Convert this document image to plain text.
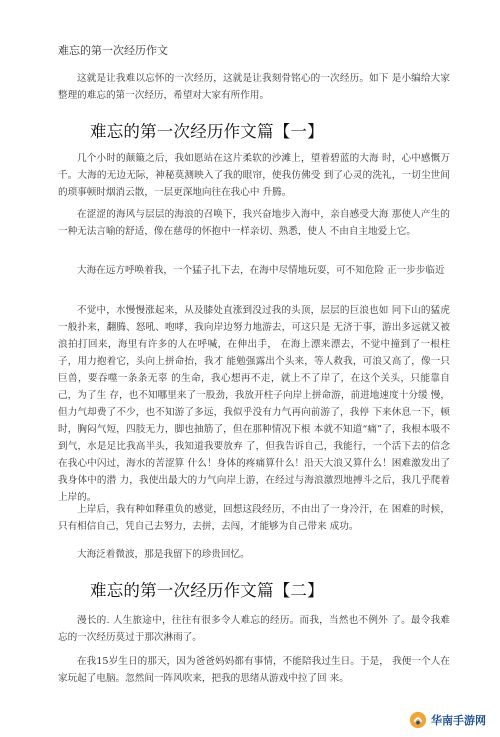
难忘的第一次经历作文

这就是让我难以忘怀的一次经历，这就是让我刻骨铭心的一次经历。如下 是小编给大家整理的难忘的第一次经历，希望对大家有所作用。

难忘的第一次经历作文篇【一】

几个小时的颠簸之后，我如愿站在这片柔软的沙滩上，望着碧蓝的大海 时，心中感慨万千。大海的无边无际，神秘莫测映入了我的眼帘，使我仿佛受 到了心灵的洗礼，一切尘世间的琐事顿时烟消云散，一层更深地向往在我心中 升腾。

在涩涩的海风与层层的海浪的召唤下，我兴奋地步入海中，亲自感受大海 那使人产生的一种无法言喻的舒适，像在慈母的怀抱中一样亲切、熟悉，使人 不由自主地爱上它。

大海在远方呼唤着我，一个猛子扎下去，在海中尽情地玩耍，可不知危险 正一步步临近

不觉中，水慢慢涨起来，从及膝处直涨到没过我的头顶，层层的巨浪也如 同下山的猛虎一般扑来，翻腾、怒吼、咆哮，我向岸边努力地游去，可这只是 无济于事，游出多远就又被浪拍打回来，海里有许多的人在呼喊，在伸出手， 在海上漂来漂去，不觉中撞到了一根柱子，用力抱着它，头向上拼命抬，我才 能勉强露出个头来，等人救我，可浪又高了，像一只巨兽，要吞噬一条条无辜 的生命，我心想再不走，就上不了岸了，在这个关头，只能靠自己，为了生 存，也不知哪里来了一股劲，我放开柱子向岸上拼命游，前进地速度十分缓 慢，但力气却费了不少，也不知游了多远，我似乎没有力气再向前游了，我停 下来休息一下，顿时，胸闷气短，四肢无力，脚也抽筋了，但在那种情况下根 本就不知道“痛”了，我根本吸不到气，水是足比我高半头，我知道我要放弃 了，但我告诉自己，我能行，一个活下去的信念在我心中闪过，海水的苦涩算 什么！身体的疼痛算什么！沿天大浪又算什么！困难激发出了我身体中的潜 力，我使出最大的力气向岸上游，在经过与海浪激烈地搏斗之后，我几乎爬着 上岸的。

上岸后，我有种如释重负的感觉，回想这段经历，不由出了一身冷汗，在 困难的时候，只有相信自己，凭自己去努力，去拼，去闯，才能够为自己带来 成功。

大海泛着微波，那是我留下的珍贵回忆。

难忘的第一次经历作文篇【二】

漫长的. 人生旅途中，往往有很多令人难忘的经历。而我，当然也不例外 了。最令我难忘的一次经历莫过于那次淋雨了。

在我15岁生日的那天，因为爸爸妈妈都有事情，不能陪我过生日。于是， 我便一个人在家玩起了电脑。忽然间一阵风吹来，把我的思绪从游戏中拉了回 来。

华南手游网
